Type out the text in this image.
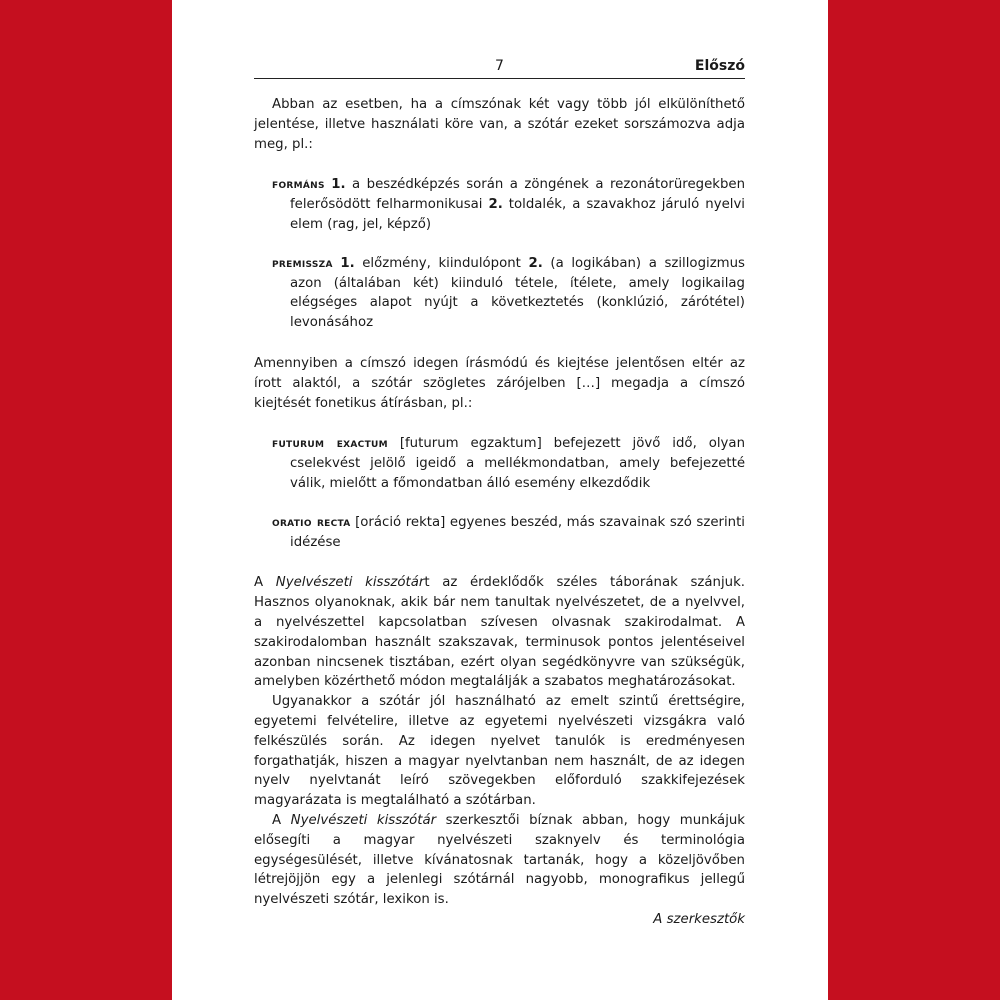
7	Előszó

Abban az esetben, ha a címszónak két vagy több jól elkülöníthető jelentése, illetve használati köre van, a szótár ezeket sorszámozva adja meg, pl.:

formáns 1. a beszédképzés során a zöngének a rezonátorüregekben felerősödött felharmonikusai 2. toldalék, a szavakhoz járuló nyelvi elem (rag, jel, képző)

premissza 1. előzmény, kiindulópont 2. (a logikában) a szillogizmus azon (általában két) kiinduló tétele, ítélete, amely logikailag elégséges alapot nyújt a következtetés (konklúzió, zárótétel) levonásához

Amennyiben a címszó idegen írásmódú és kiejtése jelentősen eltér az írott alaktól, a szótár szögletes zárójelben […] megadja a címszó kiejtését fonetikus átírásban, pl.:

futurum exactum [futurum egzaktum] befejezett jövő idő, olyan cselekvést jelölő igeidő a mellékmondatban, amely befejezetté válik, mielőtt a főmondatban álló esemény elkezdődik

oratio recta [oráció rekta] egyenes beszéd, más szavainak szó szerinti idézése

A Nyelvészeti kisszótárt az érdeklődők széles táborának szánjuk. Hasznos olyanoknak, akik bár nem tanultak nyelvészetet, de a nyelvvel, a nyelvészettel kapcsolatban szívesen olvasnak szakirodalmat. A szakirodalomban használt szakszavak, terminusok pontos jelentéseivel azonban nincsenek tisztában, ezért olyan segédkönyvre van szükségük, amelyben közérthető módon megtalálják a szabatos meghatározásokat.

Ugyanakkor a szótár jól használható az emelt szintű érettségire, egyetemi felvételire, illetve az egyetemi nyelvészeti vizsgákra való felkészülés során. Az idegen nyelvet tanulók is eredményesen forgathatják, hiszen a magyar nyelvtanban nem használt, de az idegen nyelv nyelvtanát leíró szövegekben előforduló szakkifejezések magyarázata is megtalálható a szótárban.

A Nyelvészeti kisszótár szerkesztői bíznak abban, hogy munkájuk elősegíti a magyar nyelvészeti szaknyelv és terminológia egységesülését, illetve kívánatosnak tartanák, hogy a közeljövőben létrejöjjön egy a jelenlegi szótárnál nagyobb, monografikus jellegű nyelvészeti szótár, lexikon is.

A szerkesztők
